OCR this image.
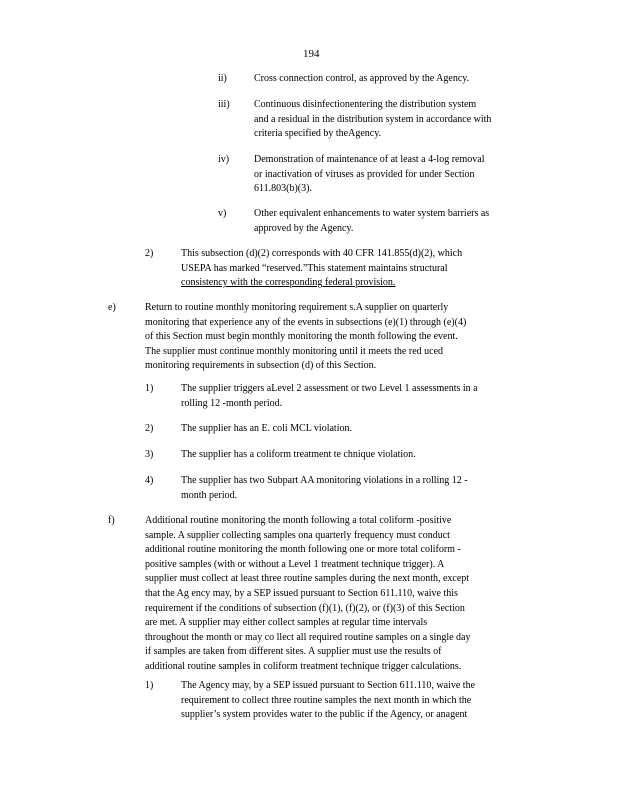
194
ii)	Cross connection control, as approved by the Agency.
iii) Continuous disinfectionentering the distribution system
and a residual in the distribution system in accordance with
criteria specified by theAgency.
iv) Demonstration of maintenance of at least a 4-log removal
or inactivation of viruses as provided for under Section
611.803(b)(3).
v)	Other equivalent enhancements to water system barriers as
approved by the Agency.
2)	This subsection (d)(2) corresponds with 40 CFR 141.855(d)(2), which
USEPA has marked “reserved.”This statement maintains structural
consistency with the corresponding federal provision.
e)	Return to routine monthly monitoring requirement s.A supplier on quarterly
monitoring that experience any of the events in subsections (e)(1) through (e)(4)
of this Section must begin monthly monitoring the month following the event.
The supplier must continue monthly monitoring until it meets the red uced
monitoring requirements in subsection (d) of this Section.
1)	The supplier triggers aLevel 2 assessment or two Level 1 assessments in a
rolling 12 -month period.
2)	The supplier has an E. coli MCL violation.
3)	The supplier has a coliform treatment te chnique violation.
4)	The supplier has two Subpart AA monitoring violations in a rolling 12 -
month period.
f)	Additional routine monitoring the month following a total coliform -positive
sample. A supplier collecting samples ona quarterly frequency must conduct
additional routine monitoring the month following one or more total coliform -
positive samples (with or without a Level 1 treatment technique trigger). A
supplier must collect at least three routine samples during the next month, except
that the Ag ency may, by a SEP issued pursuant to Section 611.110, waive this
requirement if the conditions of subsection (f)(1), (f)(2), or (f)(3) of this Section
are met. A supplier may either collect samples at regular time intervals
throughout the month or may co llect all required routine samples on a single day
if samples are taken from different sites. A supplier must use the results of
additional routine samples in coliform treatment technique trigger calculations.
1)	The Agency may, by a SEP issued pursuant to Section 611.110, waive the
requirement to collect three routine samples the next month in which the
supplier’s system provides water to the public if the Agency, or anagent
